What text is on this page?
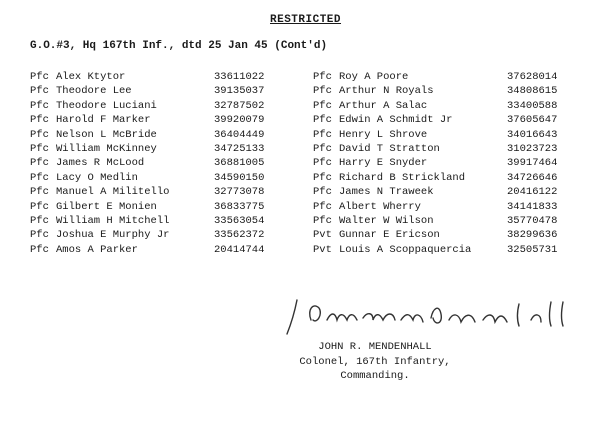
RESTRICTED
G.O.#3, Hq 167th Inf., dtd 25 Jan 45 (Cont'd)
Pfc Alex Ktytor	33611022
Pfc Theodore Lee	39135037
Pfc Theodore Luciani	32787502
Pfc Harold F Marker	39920079
Pfc Nelson L McBride	36404449
Pfc William McKinney	34725133
Pfc James R McLood	36881005
Pfc Lacy O Medlin	34590150
Pfc Manuel A Militello	32773078
Pfc Gilbert E Monien	36833775
Pfc William H Mitchell	33563054
Pfc Joshua E Murphy Jr	33562372
Pfc Amos A Parker	20414744
Pfc Roy A Poore	37628014
Pfc Arthur N Royals	34808615
Pfc Arthur A Salac	33400588
Pfc Edwin A Schmidt Jr	37605647
Pfc Henry L Shrove	34016643
Pfc David T Stratton	31023723
Pfc Harry E Snyder	39917464
Pfc Richard B Strickland	34726646
Pfc James N Traweek	20416122
Pfc Albert Wherry	34141833
Pfc Walter W Wilson	35770478
Pvt Gunnar E Ericson	38299636
Pvt Louis A Scoppaquercia	32505731
JOHN R. MENDENHALL
Colonel, 167th Infantry,
Commanding.
